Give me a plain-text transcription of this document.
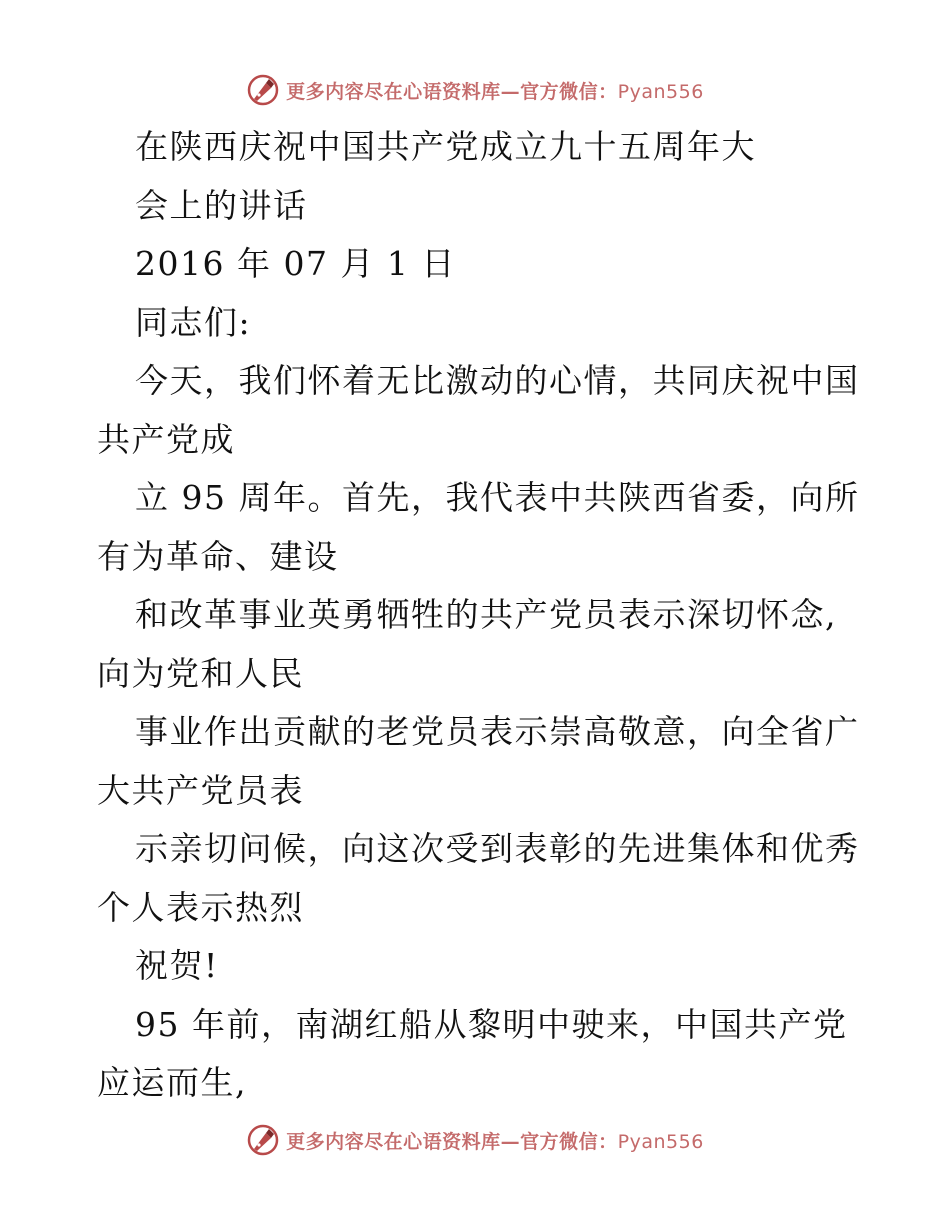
更多内容尽在心语资料库—官方微信：Pyan556
在陕西庆祝中国共产党成立九十五周年大
会上的讲话
2016 年 07 月 1 日
同志们:
今天，我们怀着无比激动的心情，共同庆祝中国
共产党成
立 95 周年。首先，我代表中共陕西省委，向所
有为革命、建设
和改革事业英勇牺牲的共产党员表示深切怀念,
向为党和人民
事业作出贡献的老党员表示崇高敬意，向全省广
大共产党员表
示亲切问候，向这次受到表彰的先进集体和优秀
个人表示热烈
祝贺!
95 年前，南湖红船从黎明中驶来，中国共产党
应运而生,
更多内容尽在心语资料库—官方微信：Pyan556
